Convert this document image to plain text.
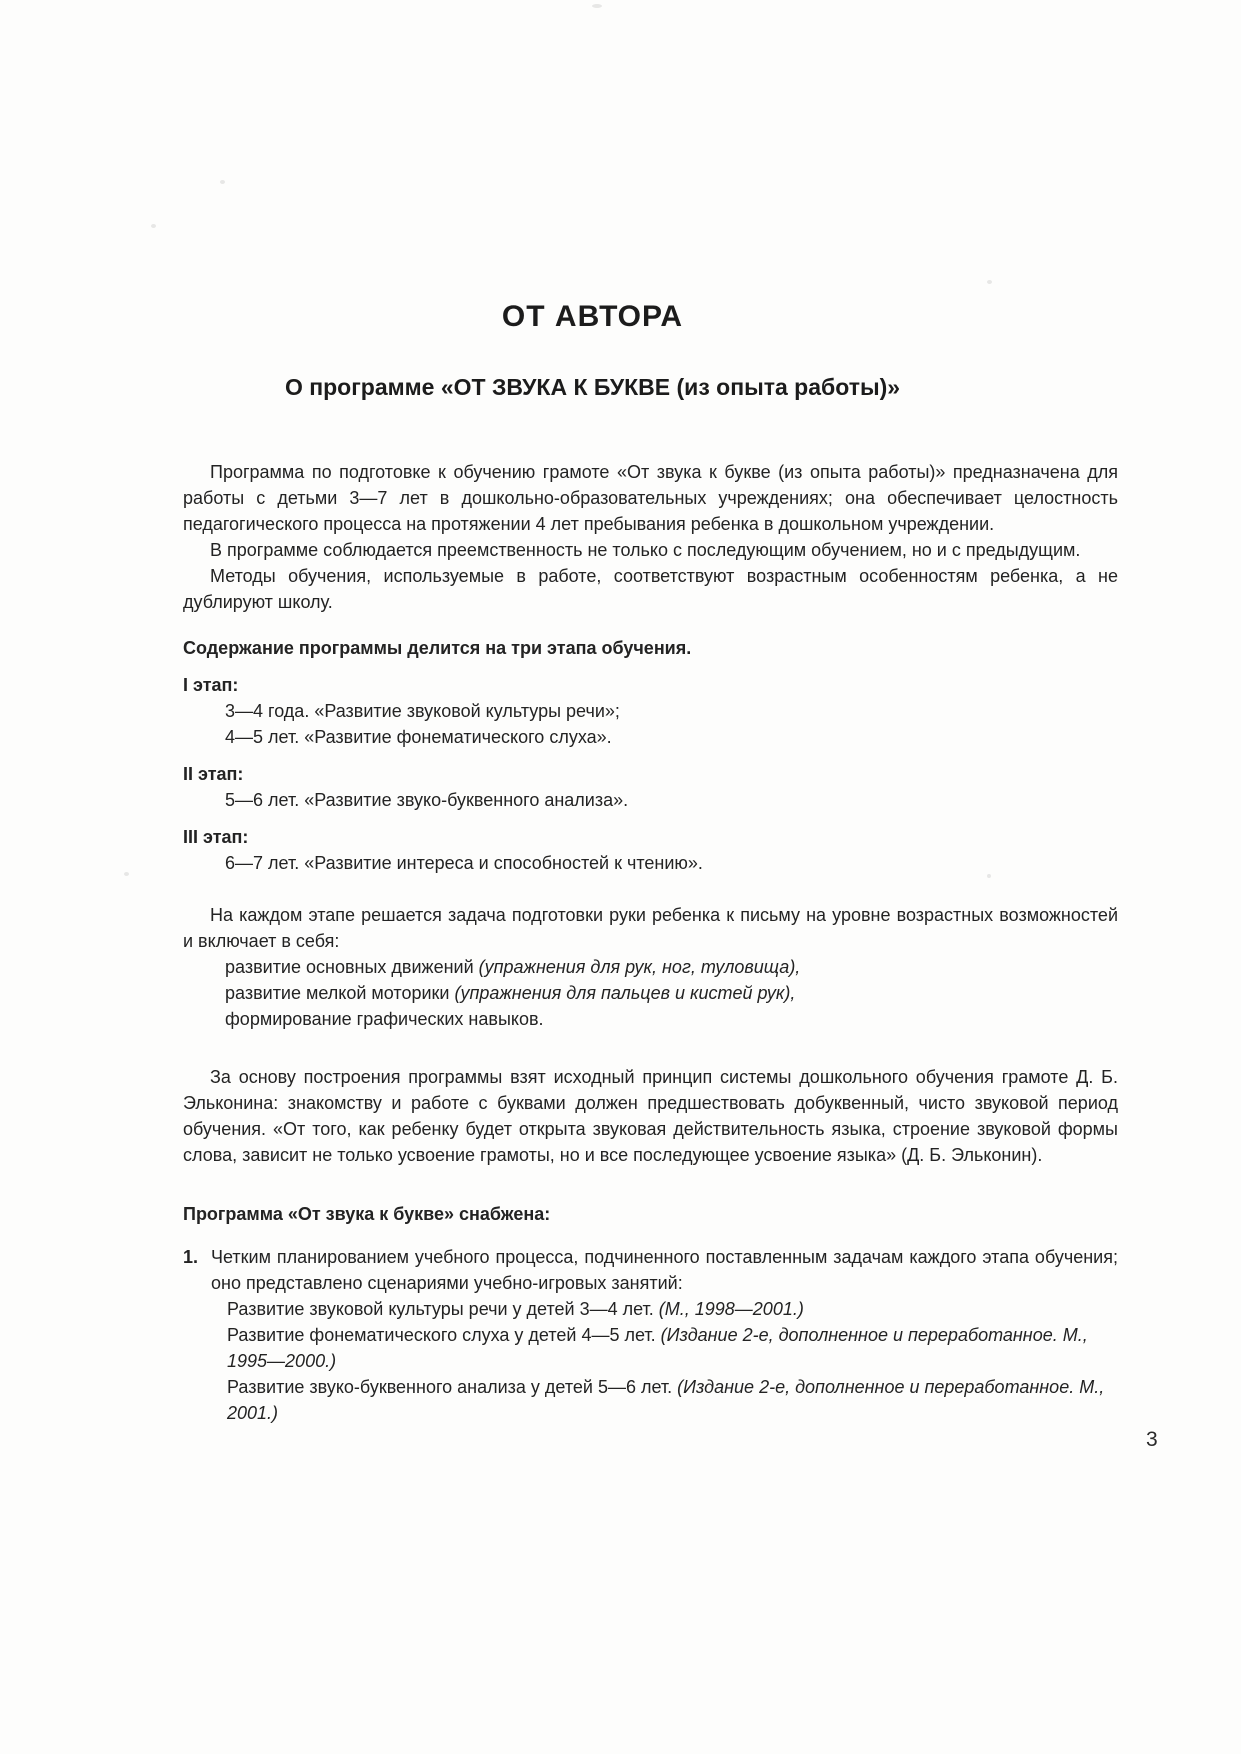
ОТ АВТОРА
О программе «ОТ ЗВУКА К БУКВЕ (из опыта работы)»

Программа по подготовке к обучению грамоте «От звука к букве (из опыта работы)» предназначена для работы с детьми 3—7 лет в дошкольно-образовательных учреждениях; она обеспечивает целостность педагогического процесса на протяжении 4 лет пребывания ребенка в дошкольном учреждении.

В программе соблюдается преемственность не только с последующим обучением, но и с предыдущим.

Методы обучения, используемые в работе, соответствуют возрастным особенностям ребенка, а не дублируют школу.

Содержание программы делится на три этапа обучения.

I этап:
3—4 года. «Развитие звуковой культуры речи»;
4—5 лет. «Развитие фонематического слуха».
II этап:
5—6 лет. «Развитие звуко-буквенного анализа».
III этап:
6—7 лет. «Развитие интереса и способностей к чтению».

На каждом этапе решается задача подготовки руки ребенка к письму на уровне возрастных возможностей и включает в себя:

развитие основных движений (упражнения для рук, ног, туловища),
развитие мелкой моторики (упражнения для пальцев и кистей рук),
формирование графических навыков.

За основу построения программы взят исходный принцип системы дошкольного обучения грамоте Д. Б. Эльконина: знакомству и работе с буквами должен предшествовать добуквенный, чисто звуковой период обучения. «От того, как ребенку будет открыта звуковая действительность языка, строение звуковой формы слова, зависит не только усвоение грамоты, но и все последующее усвоение языка» (Д. Б. Эльконин).

Программа «От звука к букве» снабжена:

1. Четким планированием учебного процесса, подчиненного поставленным задачам каждого этапа обучения; оно представлено сценариями учебно-игровых занятий:
Развитие звуковой культуры речи у детей 3—4 лет. (М., 1998—2001.)
Развитие фонематического слуха у детей 4—5 лет. (Издание 2-е, дополненное и переработанное. М., 1995—2000.)
Развитие звуко-буквенного анализа у детей 5—6 лет. (Издание 2-е, дополненное и переработанное. М., 2001.)
3
